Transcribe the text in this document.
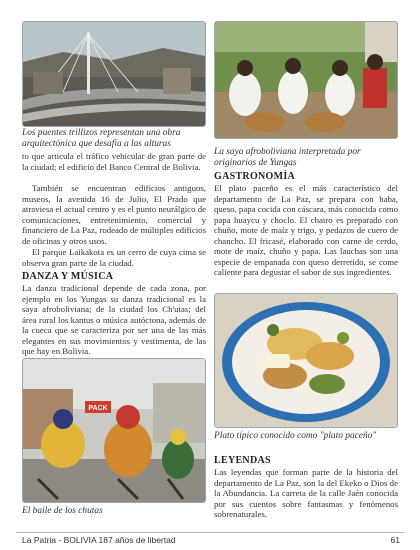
Los puentes trillizos representan una obra arquitectónica que desafía a las alturas

to que articula el tráfico vehicular de gran parte de la ciudad; el edificio del Banco Central de Bolivia.

También se encuentran edificios antiguos, museos, la avenida 16 de Julio, El Prado que atraviesa el actual centro y es el punto neurálgico de comunicaciones, entretenimiento, comercial y financiero de La Paz, rodeado de múltiples edificios de oficinas y otros usos.

El parque Laikakota es un cerro de cuya cima se observa gran parte de la ciudad.

DANZA Y MÚSICA

La danza tradicional depende de cada zona, por ejemplo en los Yungas su danza tradicional es la saya afroboliviana; de la ciudad los Ch'utas; del área rural los kantus o música autóctona, además de la cueca que se caracteriza por ser una de las más elegantes en sus movimientos y vestimenta, de las que hay en Bolivia.

PACK

El baile de los chutas

La saya afroboliviana interpretada por originarios de Yungas

GASTRONOMÍA

El plato paceño es el más característico del departamento de La Paz, se prepara con haba, queso, papa cocida con cáscara, más conocida como papa huaycu y choclo. El chairo es preparado con chuño, mote de maíz y trigo, y pedazos de cuero de chancho. El fricasé, elaborado con carne de cerdo, mote de maíz, chuño y papa. Las lauchas son una especie de empanada con queso derretido, se come caliente para degustar el sabor de sus ingredientes.

Plato típico conocido como "plato paceño"

LEYENDAS

Las leyendas que forman parte de la historia del departamento de La Paz, son la del Ekeko o Dios de la Abundancia. La carreta de la calle Jaén conocida por sus cuentos sobre fantasmas y fenómenos sobrenaturales.

La Patria - BOLIVIA 187 años de libertad	61
